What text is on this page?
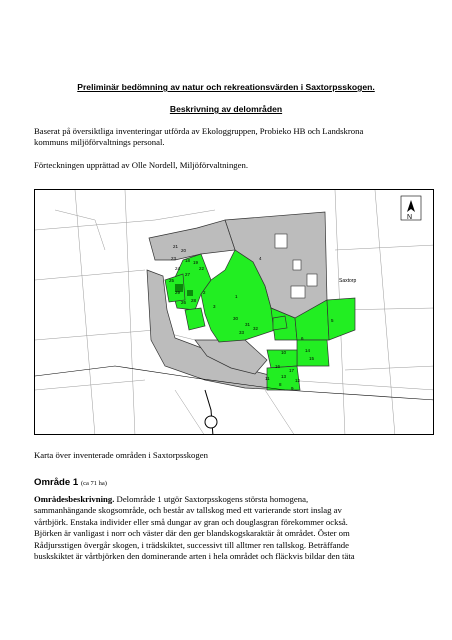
Preliminär bedömning av natur och rekreationsvärden i Saxtorpsskogen.
Beskrivning av delområden
Baserat på översiktliga inventeringar utförda av Ekologgruppen, Probieko HB och Landskrona
kommuns miljöförvaltnings personal.
Förteckningen upprättad av Olle Nordell, Miljöförvaltningen.
N
Saxtorp
21
20
18
23
19
24
27
22
25
29
28
26
2
1
3
4
30
31
32
33
6
5
10
13
14
15
16
17
11	12
8
9
Karta över inventerade områden i Saxtorpsskogen
Område 1 (ca 71 ha)
Områdesbeskrivning. Delområde 1 utgör Saxtorpsskogens största homogena,
sammanhängande skogsområde, och består av tallskog med ett varierande stort inslag av
vårtbjörk. Enstaka individer eller små dungar av gran och douglasgran förekommer också.
Björken är vanligast i norr och väster där den ger blandskogskaraktär åt området. Öster om
Rådjursstigen övergår skogen, i trädskiktet, successivt till alltmer ren tallskog. Beträffande
buskskiktet är vårtbjörken den dominerande arten i hela området och fläckvis bildar den täta
